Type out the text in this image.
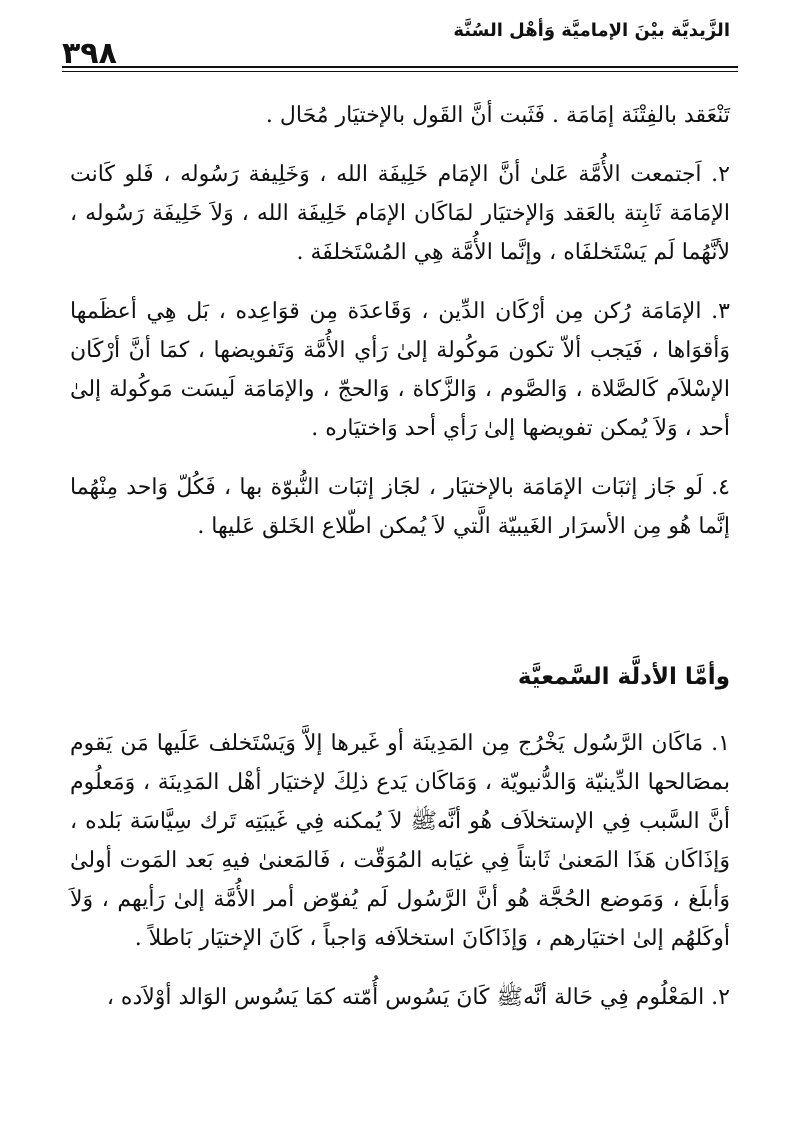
الزَّيديَّة بيْنَ الإماميَّة وَأهْل السُنَّة
٣٩٨

تَنْعَقد بالفِتْنَة إمَامَة . فَثَبت أنَّ القَول بالإختيَار مُحَال .

٢. اَجتمعت الأُمَّة عَلىٰ أنَّ الإمَام خَلِيفَة الله ، وَخَلِيفة رَسُوله ، فَلو كَانت الإمَامَة ثَابِتة بالعَقد وَالإختيَار لمَاكَان الإمَام خَلِيفَة الله ، وَلاَ خَلِيفَة رَسُوله ، لأنَّهُما لَم يَسْتَخلفَاه ، وإنَّما الأُمَّة هِي المُسْتَخلفَة .

٣. الإمَامَة رُكن مِن أرْكَان الدِّين ، وَقَاعدَة مِن قوَاعِده ، بَل هِي أعظَمها وَأقوَاها ، فَيَجب ألاّ تكون مَوكُولة إلىٰ رَأي الأُمَّة وَتَفويضها ، كمَا أنَّ أرْكَان الإسْلاَم كَالصَّلاة ، وَالصَّوم ، وَالزَّكاة ، وَالحجّ ، والإمَامَة لَيسَت مَوكُولة إلىٰ أحد ، وَلاَ يُمكن تفويضها إلىٰ رَأي أحد وَاختيَاره .

٤. لَو جَاز إثبَات الإمَامَة بالإختيَار ، لجَاز إثبَات النُّبوّة بها ، فَكُلّ وَاحد مِنْهُما إنَّما هُو مِن الأسرَار الغَيبيّة الَّتي لاَ يُمكن اطّلاع الخَلق عَليها .

وأمَّا الأدلَّة السَّمعيَّة

١. مَاكَان الرَّسُول يَخْرُج مِن المَدِينَة أو غَيرها إلاَّ وَيَسْتَخلف عَلَيها مَن يَقوم بمصَالحها الدِّينيّة وَالدُّنيويّة ، وَمَاكَان يَدع ذلِكَ لإختيَار أهْل المَدِينَة ، وَمَعلُوم أنَّ السَّبب فِي الإستخلاَف هُو أنَّهﷺ لاَ يُمكنه فِي غَيبَتِه تَرك سِيَّاسَة بَلده ، وَإذَاكَان هَذَا المَعنىٰ ثَابتاً فِي غيَابه المُوَقّت ، فَالمَعنىٰ فيهِ بَعد المَوت أولىٰ وَأبلَغ ، وَمَوضع الحُجَّة هُو أنَّ الرَّسُول لَم يُفوّض أمر الأُمَّة إلىٰ رَأيهم ، وَلاَ أوكَلهُم إلىٰ اختيَارهم ، وَإذَاكَانَ استخلاَفه وَاجباً ، كَانَ الإختيَار بَاطلاً .

٢. المَعْلُوم فِي حَالة أنَّهﷺ كَانَ يَسُوس أُمّته كمَا يَسُوس الوَالد أوْلاَده ،
